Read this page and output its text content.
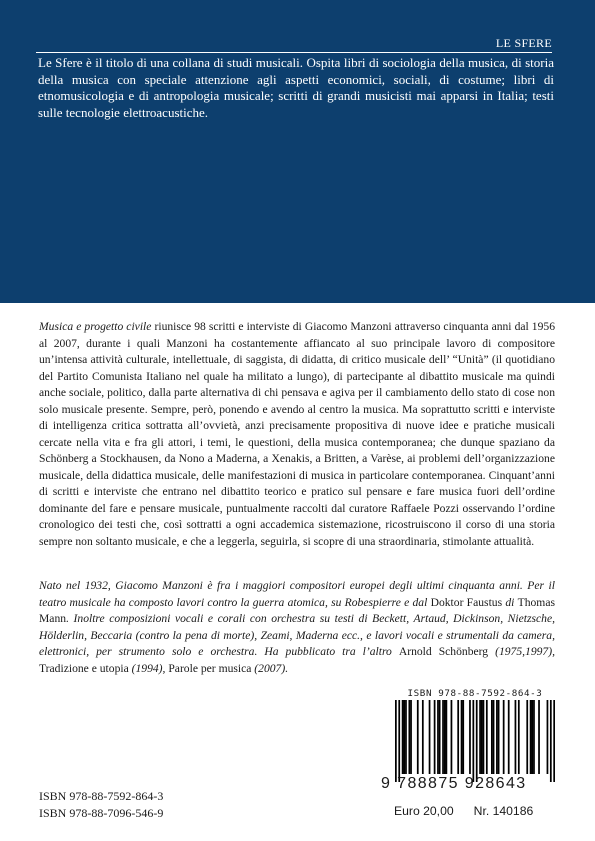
LE SFERE
Le Sfere è il titolo di una collana di studi musicali. Ospita libri di sociologia della musica, di storia della musica con speciale attenzione agli aspetti economici, sociali, di costume; libri di etnomusicologia e di antropologia musicale; scritti di grandi musicisti mai apparsi in Italia; testi sulle tecnologie elettroacustiche.

Musica e progetto civile riunisce 98 scritti e interviste di Giacomo Manzoni attraverso cinquanta anni dal 1956 al 2007, durante i quali Manzoni ha costantemente affiancato al suo principale lavoro di compositore un’intensa attività culturale, intellettuale, di saggista, di didatta, di critico musicale dell’ “Unità” (il quotidiano del Partito Comunista Italiano nel quale ha militato a lungo), di partecipante al dibattito musicale ma quindi anche sociale, politico, dalla parte alternativa di chi pensava e agiva per il cambiamento dello stato di cose non solo musicale presente. Sempre, però, ponendo e avendo al centro la musica. Ma soprattutto scritti e interviste di intelligenza critica sottratta all’ovvietà, anzi precisamente propositiva di nuove idee e pratiche musicali cercate nella vita e fra gli attori, i temi, le questioni, della musica contemporanea; che dunque spaziano da Schönberg a Stockhausen, da Nono a Maderna, a Xenakis, a Britten, a Varèse, ai problemi dell’organizzazione musicale, della didattica musicale, delle manifestazioni di musica in particolare contemporanea. Cinquant’anni di scritti e interviste che entrano nel dibattito teorico e pratico sul pensare e fare musica fuori dell’ordine dominante del fare e pensare musicale, puntualmente raccolti dal curatore Raffaele Pozzi osservando l’ordine cronologico dei testi che, così sottratti a ogni accademica sistemazione, ricostruiscono il corso di una storia sempre non soltanto musicale, e che a leggerla, seguirla, si scopre di una straordinaria, stimolante attualità.

Nato nel 1932, Giacomo Manzoni è fra i maggiori compositori europei degli ultimi cinquanta anni. Per il teatro musicale ha composto lavori contro la guerra atomica, su Robespierre e dal Doktor Faustus di Thomas Mann. Inoltre composizioni vocali e corali con orchestra su testi di Beckett, Artaud, Dickinson, Nietzsche, Hölderlin, Beccaria (contro la pena di morte), Zeami, Maderna ecc., e lavori vocali e strumentali da camera, elettronici, per strumento solo e orchestra. Ha pubblicato tra l’altro Arnold Schönberg (1975,1997), Tradizione e utopia (1994), Parole per musica (2007).

ISBN 978-88-7592-864-3
9 788875 928643
Euro 20,00 Nr. 140186
ISBN 978-88-7592-864-3
ISBN 978-88-7096-546-9
